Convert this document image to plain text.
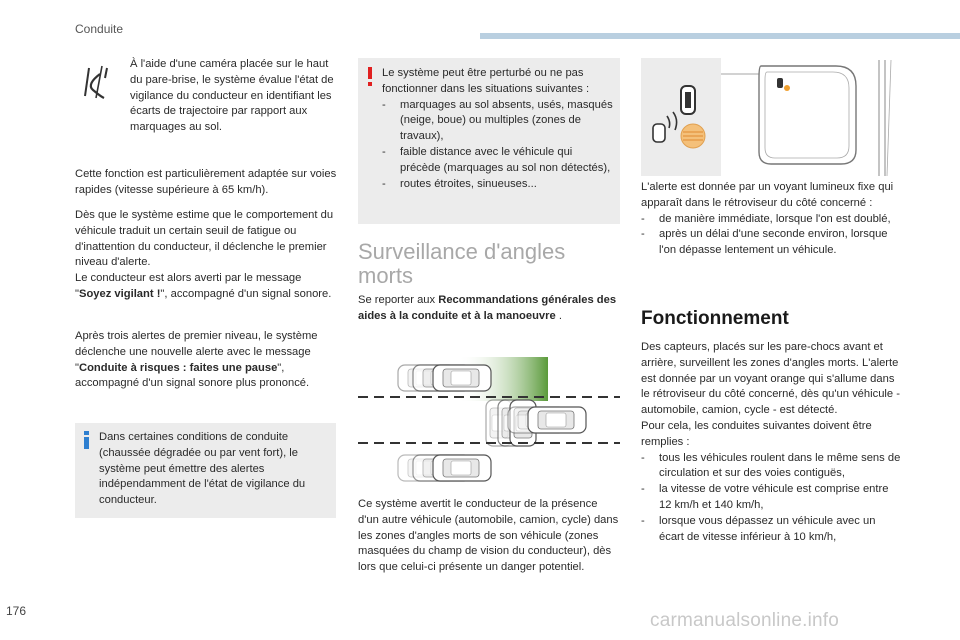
Conduite

À l'aide d'une caméra placée sur le haut du pare-brise, le système évalue l'état de vigilance du conducteur en identifiant les écarts de trajectoire par rapport aux marquages au sol.

Cette fonction est particulièrement adaptée sur voies rapides (vitesse supérieure à 65 km/h).

Dès que le système estime que le comportement du véhicule traduit un certain seuil de fatigue ou d'inattention du conducteur, il déclenche le premier niveau d'alerte.

Le conducteur est alors averti par le message "Soyez vigilant !", accompagné d'un signal sonore.

Après trois alertes de premier niveau, le système déclenche une nouvelle alerte avec le message "Conduite à risques : faites une pause", accompagné d'un signal sonore plus prononcé.

Dans certaines conditions de conduite (chaussée dégradée ou par vent fort), le système peut émettre des alertes indépendamment de l'état de vigilance du conducteur.

Le système peut être perturbé ou ne pas fonctionner dans les situations suivantes :

- marquages au sol absents, usés, masqués (neige, boue) ou multiples (zones de travaux),
- faible distance avec le véhicule qui précède (marquages au sol non détectés),
- routes étroites, sinueuses...
Surveillance d'angles morts

Se reporter aux Recommandations générales des aides à la conduite et à la manoeuvre .

Ce système avertit le conducteur de la présence d'un autre véhicule (automobile, camion, cycle) dans les zones d'angles morts de son véhicule (zones masquées du champ de vision du conducteur), dès lors que celui-ci présente un danger potentiel.

L'alerte est donnée par un voyant lumineux fixe qui apparaît dans le rétroviseur du côté concerné :

- de manière immédiate, lorsque l'on est doublé,
- après un délai d'une seconde environ, lorsque l'on dépasse lentement un véhicule.
Fonctionnement

Des capteurs, placés sur les pare-chocs avant et arrière, surveillent les zones d'angles morts. L'alerte est donnée par un voyant orange qui s'allume dans le rétroviseur du côté concerné, dès qu'un véhicule - automobile, camion, cycle - est détecté.

Pour cela, les conduites suivantes doivent être remplies :

- tous les véhicules roulent dans le même sens de circulation et sur des voies contiguës,
- la vitesse de votre véhicule est comprise entre 12 km/h et 140 km/h,
- lorsque vous dépassez un véhicule avec un écart de vitesse inférieur à 10 km/h,
176	carmanualsonline.info
